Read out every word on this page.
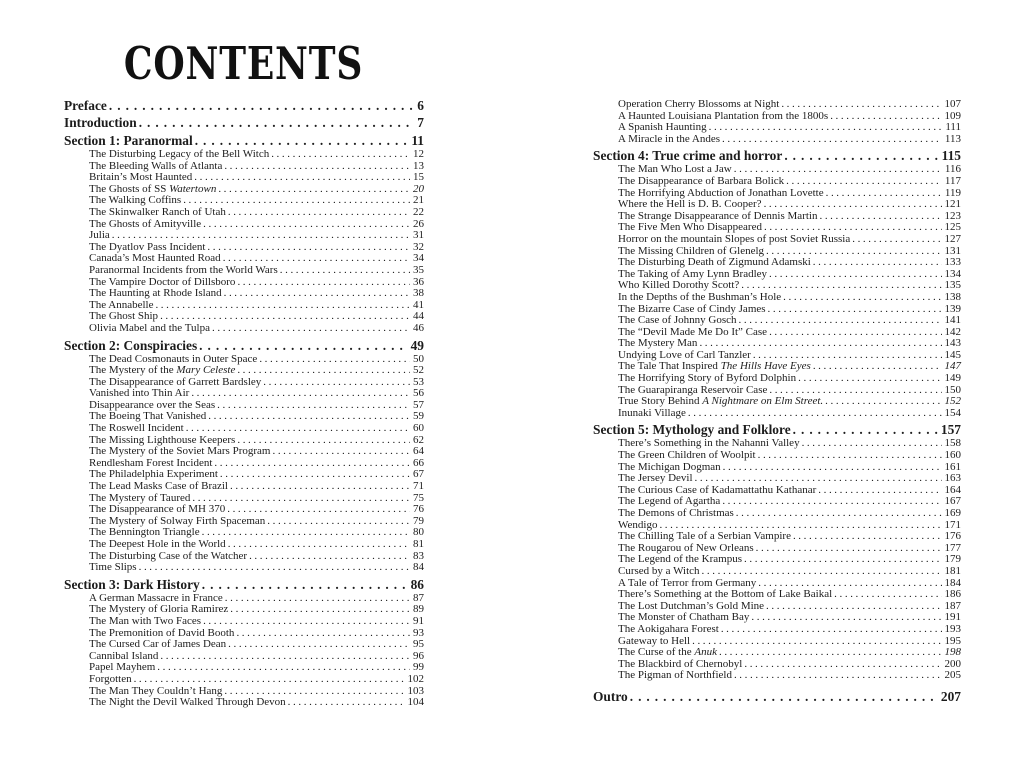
CONTENTS
Preface .....	6
Introduction .....	7
Section 1: Paranormal .....	11
The Disturbing Legacy of the Bell Witch .....	12
The Bleeding Walls of Atlanta .....	13
Britain’s Most Haunted .....	15
The Ghosts of SS Watertown .....	20
The Walking Coffins .....	21
The Skinwalker Ranch of Utah .....	22
The Ghosts of Amityville .....	26
Julia .....	31
The Dyatlov Pass Incident .....	32
Canada’s Most Haunted Road .....	34
Paranormal Incidents from the World Wars .....	35
The Vampire Doctor of Dillsboro .....	36
The Haunting at Rhode Island .....	38
The Annabelle .....	41
The Ghost Ship .....	44
Olivia Mabel and the Tulpa .....	46
Section 2: Conspiracies .....	49
The Dead Cosmonauts in Outer Space .....	50
The Mystery of the Mary Celeste .....	52
The Disappearance of Garrett Bardsley .....	53
Vanished into Thin Air .....	56
Disappearance over the Seas .....	57
The Boeing That Vanished .....	59
The Roswell Incident .....	60
The Missing Lighthouse Keepers .....	62
The Mystery of the Soviet Mars Program .....	64
Rendlesham Forest Incident .....	66
The Philadelphia Experiment .....	67
The Lead Masks Case of Brazil .....	71
The Mystery of Taured .....	75
The Disappearance of MH 370 .....	76
The Mystery of Solway Firth Spaceman .....	79
The Bennington Triangle .....	80
The Deepest Hole in the World .....	81
The Disturbing Case of the Watcher .....	83
Time Slips .....	84
Section 3: Dark History .....	86
A German Massacre in France .....	87
The Mystery of Gloria Ramirez .....	89
The Man with Two Faces .....	91
The Premonition of David Booth .....	93
The Cursed Car of James Dean .....	95
Cannibal Island .....	96
Papel Mayhem .....	99
Forgotten .....	102
The Man They Couldn’t Hang .....	103
The Night the Devil Walked Through Devon .....	104
Operation Cherry Blossoms at Night .....	107
A Haunted Louisiana Plantation from the 1800s .....	109
A Spanish Haunting .....	111
A Miracle in the Andes .....	113
Section 4: True crime and horror .....	115
The Man Who Lost a Jaw .....	116
The Disappearance of Barbara Bolick .....	117
The Horrifying Abduction of Jonathan Lovette .....	119
Where the Hell is D. B. Cooper? .....	121
The Strange Disappearance of Dennis Martin .....	123
The Five Men Who Disappeared .....	125
Horror on the mountain Slopes of post Soviet Russia .....	127
The Missing Children of Glenelg .....	131
The Disturbing Death of Zigmund Adamski .....	133
The Taking of Amy Lynn Bradley .....	134
Who Killed Dorothy Scott? .....	135
In the Depths of the Bushman’s Hole .....	138
The Bizarre Case of Cindy James .....	139
The Case of Johnny Gosch .....	141
The “Devil Made Me Do It” Case .....	142
The Mystery Man .....	143
Undying Love of Carl Tanzler .....	145
The Tale That Inspired The Hills Have Eyes .....	147
The Horrifying Story of Byford Dolphin .....	149
The Guarapiranga Reservoir Case .....	150
True Story Behind A Nightmare on Elm Street. .....	152
Inunaki Village .....	154
Section 5: Mythology and Folklore .....	157
There’s Something in the Nahanni Valley .....	158
The Green Children of Woolpit .....	160
The Michigan Dogman .....	161
The Jersey Devil .....	163
The Curious Case of Kadamattathu Kathanar .....	164
The Legend of Agartha .....	167
The Demons of Christmas .....	169
Wendigo .....	171
The Chilling Tale of a Serbian Vampire .....	176
The Rougarou of New Orleans .....	177
The Legend of the Krampus .....	179
Cursed by a Witch .....	181
A Tale of Terror from Germany .....	184
There’s Something at the Bottom of Lake Baikal .....	186
The Lost Dutchman’s Gold Mine .....	187
The Monster of Chatham Bay .....	191
The Aokigahara Forest .....	193
Gateway to Hell .....	195
The Curse of the Anuk .....	198
The Blackbird of Chernobyl .....	200
The Pigman of Northfield .....	205
Outro .....	207
